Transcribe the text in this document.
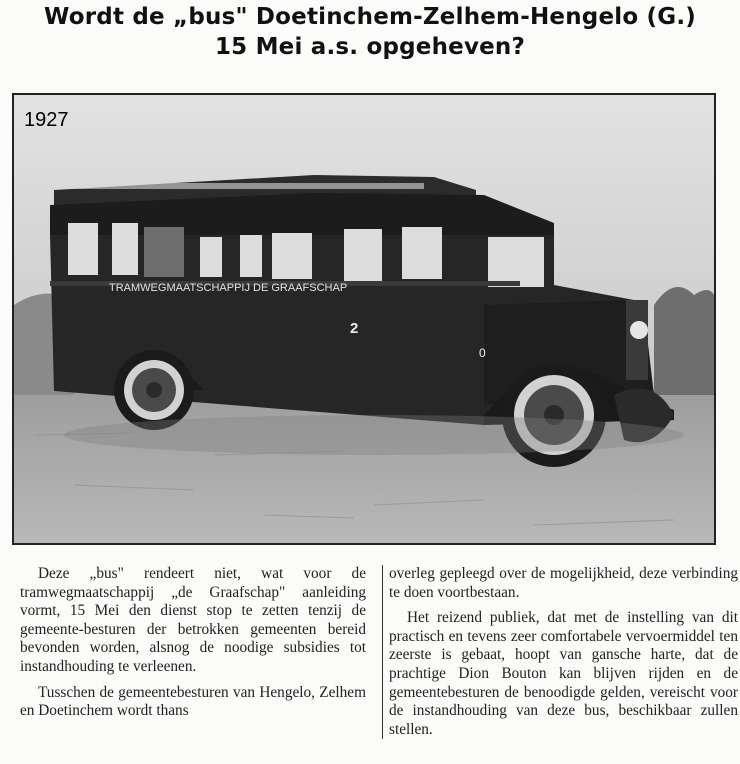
Wordt de „bus" Doetinchem-Zelhem-Hengelo (G.)
15 Mei a.s. opgeheven?
TRAMWEGMAATSCHAPPIJ DE GRAAFSCHAP
2
0
1927

Deze „bus" rendeert niet, wat voor de tramwegmaatschappij „de Graafschap" aanleiding vormt, 15 Mei den dienst stop te zetten tenzij de gemeente-besturen der betrokken gemeenten bereid bevonden worden, alsnog de noodige subsidies tot instandhouding te verleenen.

Tusschen de gemeentebesturen van Hengelo, Zelhem en Doetinchem wordt thans

overleg gepleegd over de mogelijkheid, deze verbinding te doen voortbestaan.

Het reizend publiek, dat met de instelling van dit practisch en tevens zeer comfortabele vervoermiddel ten zeerste is gebaat, hoopt van gansche harte, dat de prachtige Dion Bouton kan blijven rijden en de gemeentebesturen de benoodigde gelden, vereischt voor de instandhouding van deze bus, beschikbaar zullen stellen.
